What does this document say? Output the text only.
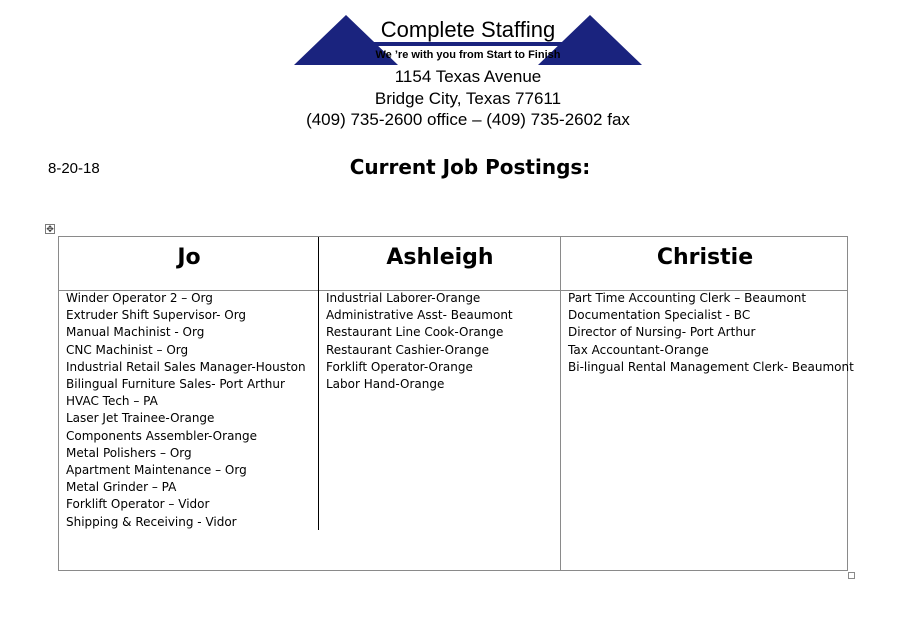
Complete Staffing
We ’re with you from Start to Finish
1154 Texas Avenue
Bridge City, Texas 77611
(409) 735-2600 office – (409) 735-2602 fax
8-20-18	Current Job Postings:
✥
Jo
Winder Operator 2 – Org
Extruder Shift Supervisor- Org
Manual Machinist - Org
CNC Machinist – Org
Industrial Retail Sales Manager-Houston
Bilingual Furniture Sales- Port Arthur
HVAC Tech – PA
Laser Jet Trainee-Orange
Components Assembler-Orange
Metal Polishers – Org
Apartment Maintenance – Org
Metal Grinder – PA
Forklift Operator – Vidor
Shipping & Receiving - Vidor
Ashleigh
Industrial Laborer-Orange
Administrative Asst- Beaumont
Restaurant Line Cook-Orange
Restaurant Cashier-Orange
Forklift Operator-Orange
Labor Hand-Orange
Christie
Part Time Accounting Clerk – Beaumont
Documentation Specialist - BC
Director of Nursing- Port Arthur
Tax Accountant-Orange
Bi-lingual Rental Management Clerk- Beaumont
